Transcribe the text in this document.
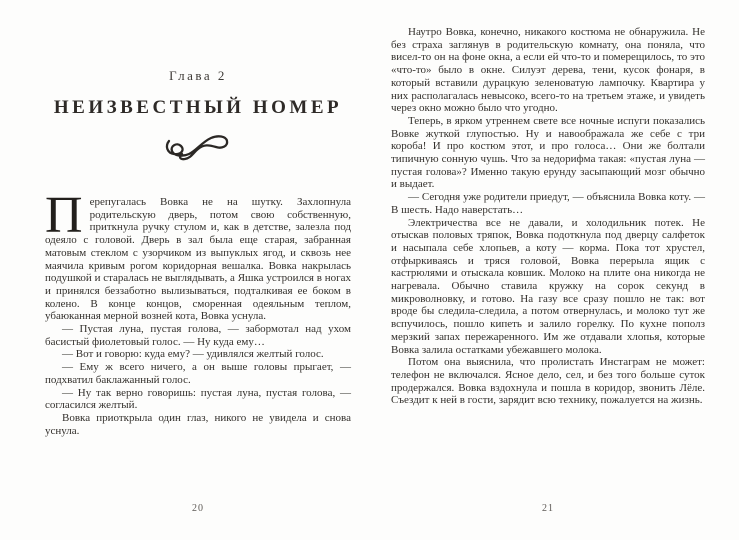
Глава 2
НЕИЗВЕСТНЫЙ НОМЕР

Перепугалась Вовка не на шутку. Захлопнула родительскую дверь, потом свою собственную, приткнула ручку стулом и, как в детстве, залезла под одеяло с головой. Дверь в зал была еще старая, забранная матовым стеклом с узорчиком из выпуклых ягод, и сквозь нее маячила кривым рогом коридорная вешалка. Вовка накрылась подушкой и старалась не выглядывать, а Яшка устроился в ногах и принялся беззаботно вылизываться, подталкивая ее боком в колено. В конце концов, сморенная одеяльным теплом, убаюканная мерной возней кота, Вовка уснула.

— Пустая луна, пустая голова, — забормотал над ухом басистый фиолетовый голос. — Ну куда ему…

— Вот и говорю: куда ему? — удивлялся желтый голос.

— Ему ж всего ничего, а он выше головы прыгает, — подхватил баклажанный голос.

— Ну так верно говоришь: пустая луна, пустая голова, — согласился желтый.

Вовка приоткрыла один глаз, никого не увидела и снова уснула.

20

Наутро Вовка, конечно, никакого костюма не обнаружила. Не без страха заглянув в родительскую комнату, она поняла, что висел-то он на фоне окна, а если ей что-то и померещилось, то это «что-то» было в окне. Силуэт дерева, тени, кусок фонаря, в который вставили дурацкую зеленоватую лампочку. Квартира у них располагалась невысоко, всего-то на третьем этаже, и увидеть через окно можно было что угодно.

Теперь, в ярком утреннем свете все ночные испуги показались Вовке жуткой глупостью. Ну и навоображала же себе с три короба! И про костюм этот, и про голоса… Они же болтали типичную сонную чушь. Что за недорифма такая: «пустая луна — пустая голова»? Именно такую ерунду засыпающий мозг обычно и выдает.

— Сегодня уже родители приедут, — объяснила Вовка коту. — В шесть. Надо наверстать…

Электричества все не давали, и холодильник потек. Не отыскав половых тряпок, Вовка подоткнула под дверцу салфеток и насыпала себе хлопьев, а коту — корма. Пока тот хрустел, отфыркиваясь и тряся головой, Вовка перерыла ящик с кастрюлями и отыскала ковшик. Молоко на плите она никогда не нагревала. Обычно ставила кружку на сорок секунд в микроволновку, и готово. На газу все сразу пошло не так: вот вроде бы следила-следила, а потом отвернулась, и молоко тут же вспучилось, пошло кипеть и залило горелку. По кухне пополз мерзкий запах пережаренного. Им же отдавали хлопья, которые Вовка залила остатками убежавшего молока.

Потом она выяснила, что пролистать Инстаграм не может: телефон не включался. Ясное дело, сел, и без того больше суток продержался. Вовка вздохнула и пошла в коридор, звонить Лёле. Съездит к ней в гости, зарядит всю технику, пожалуется на жизнь.

21
